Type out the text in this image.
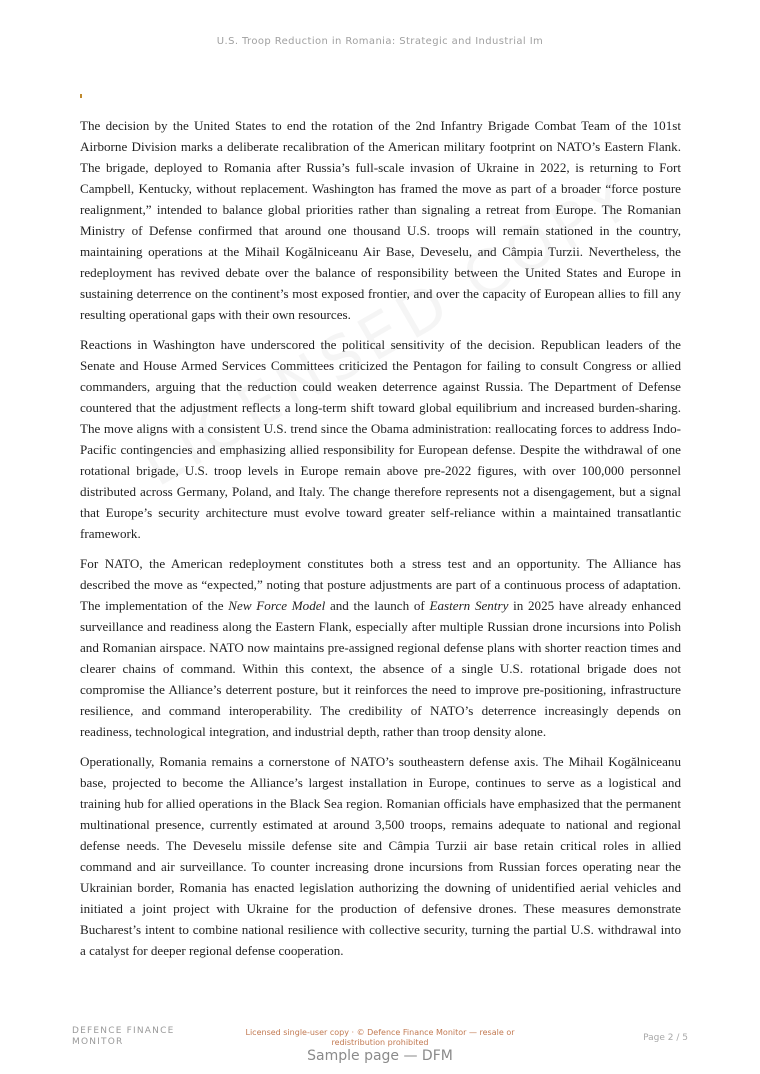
U.S. Troop Reduction in Romania: Strategic and Industrial Im

The decision by the United States to end the rotation of the 2nd Infantry Brigade Combat Team of the 101st Airborne Division marks a deliberate recalibration of the American military footprint on NATO’s Eastern Flank. The brigade, deployed to Romania after Russia’s full-scale invasion of Ukraine in 2022, is returning to Fort Campbell, Kentucky, without replacement. Washington has framed the move as part of a broader “force posture realignment,” intended to balance global priorities rather than signaling a retreat from Europe. The Romanian Ministry of Defense confirmed that around one thousand U.S. troops will remain stationed in the country, maintaining operations at the Mihail Kogălniceanu Air Base, Deveselu, and Câmpia Turzii. Nevertheless, the redeployment has revived debate over the balance of responsibility between the United States and Europe in sustaining deterrence on the continent’s most exposed frontier, and over the capacity of European allies to fill any resulting operational gaps with their own resources.

Reactions in Washington have underscored the political sensitivity of the decision. Republican leaders of the Senate and House Armed Services Committees criticized the Pentagon for failing to consult Congress or allied commanders, arguing that the reduction could weaken deterrence against Russia. The Department of Defense countered that the adjustment reflects a long-term shift toward global equilibrium and increased burden-sharing. The move aligns with a consistent U.S. trend since the Obama administration: reallocating forces to address Indo-Pacific contingencies and emphasizing allied responsibility for European defense. Despite the withdrawal of one rotational brigade, U.S. troop levels in Europe remain above pre-2022 figures, with over 100,000 personnel distributed across Germany, Poland, and Italy. The change therefore represents not a disengagement, but a signal that Europe’s security architecture must evolve toward greater self-reliance within a maintained transatlantic framework.

For NATO, the American redeployment constitutes both a stress test and an opportunity. The Alliance has described the move as “expected,” noting that posture adjustments are part of a continuous process of adaptation. The implementation of the New Force Model and the launch of Eastern Sentry in 2025 have already enhanced surveillance and readiness along the Eastern Flank, especially after multiple Russian drone incursions into Polish and Romanian airspace. NATO now maintains pre-assigned regional defense plans with shorter reaction times and clearer chains of command. Within this context, the absence of a single U.S. rotational brigade does not compromise the Alliance’s deterrent posture, but it reinforces the need to improve pre-positioning, infrastructure resilience, and command interoperability. The credibility of NATO’s deterrence increasingly depends on readiness, technological integration, and industrial depth, rather than troop density alone.

Operationally, Romania remains a cornerstone of NATO’s southeastern defense axis. The Mihail Kogălniceanu base, projected to become the Alliance’s largest installation in Europe, continues to serve as a logistical and training hub for allied operations in the Black Sea region. Romanian officials have emphasized that the permanent multinational presence, currently estimated at around 3,500 troops, remains adequate to national and regional defense needs. The Deveselu missile defense site and Câmpia Turzii air base retain critical roles in allied command and air surveillance. To counter increasing drone incursions from Russian forces operating near the Ukrainian border, Romania has enacted legislation authorizing the downing of unidentified aerial vehicles and initiated a joint project with Ukraine for the production of defensive drones. These measures demonstrate Bucharest’s intent to combine national resilience with collective security, turning the partial U.S. withdrawal into a catalyst for deeper regional defense cooperation.

DEFENCE FINANCE
MONITOR
Licensed single-user copy · © Defence Finance Monitor — resale or redistribution prohibited	Page 2 / 5
Sample page — DFM
